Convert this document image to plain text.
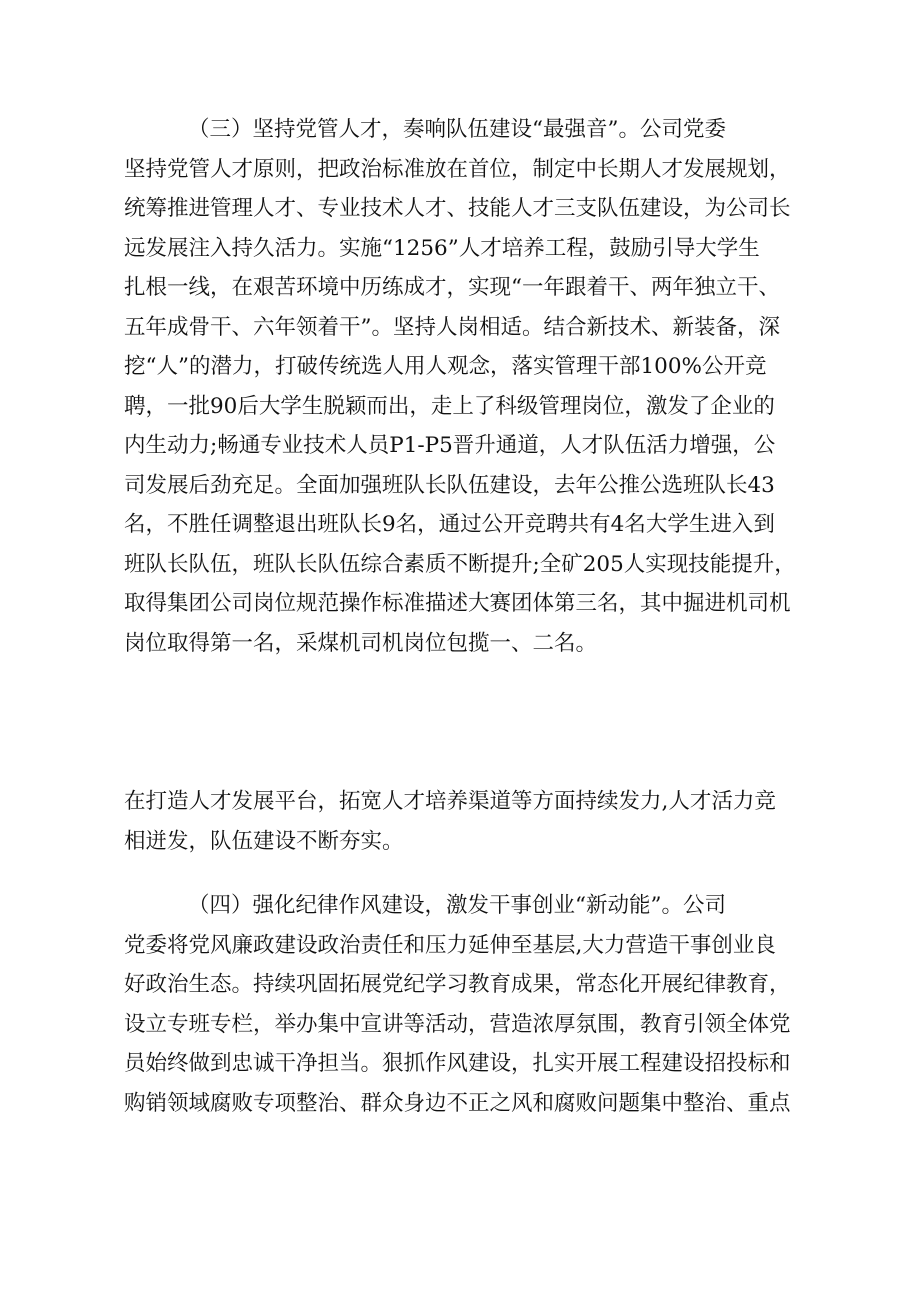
（三）坚持党管人才，奏响队伍建设“最强音”。公司党委
坚持党管人才原则，把政治标准放在首位，制定中长期人才发展规划，
统筹推进管理人才、专业技术人才、技能人才三支队伍建设，为公司长
远发展注入持久活力。实施“1256”人才培养工程，鼓励引导大学生
扎根一线，在艰苦环境中历练成才，实现“一年跟着干、两年独立干、
五年成骨干、六年领着干”。坚持人岗相适。结合新技术、新装备，深
挖“人”的潜力，打破传统选人用人观念，落实管理干部100%公开竞
聘，一批90后大学生脱颖而出，走上了科级管理岗位，激发了企业的
内生动力;畅通专业技术人员P1-P5晋升通道，人才队伍活力增强，公
司发展后劲充足。全面加强班队长队伍建设，去年公推公选班队长43
名，不胜任调整退出班队长9名，通过公开竞聘共有4名大学生进入到
班队长队伍，班队长队伍综合素质不断提升;全矿205人实现技能提升，
取得集团公司岗位规范操作标准描述大赛团体第三名，其中掘进机司机
岗位取得第一名，采煤机司机岗位包揽一、二名。
在打造人才发展平台，拓宽人才培养渠道等方面持续发力,人才活力竞
相迸发，队伍建设不断夯实。
（四）强化纪律作风建设，激发干事创业“新动能”。公司
党委将党风廉政建设政治责任和压力延伸至基层,大力营造干事创业良
好政治生态。持续巩固拓展党纪学习教育成果，常态化开展纪律教育，
设立专班专栏，举办集中宣讲等活动，营造浓厚氛围，教育引领全体党
员始终做到忠诚干净担当。狠抓作风建设，扎实开展工程建设招投标和
购销领域腐败专项整治、群众身边不正之风和腐败问题集中整治、重点
